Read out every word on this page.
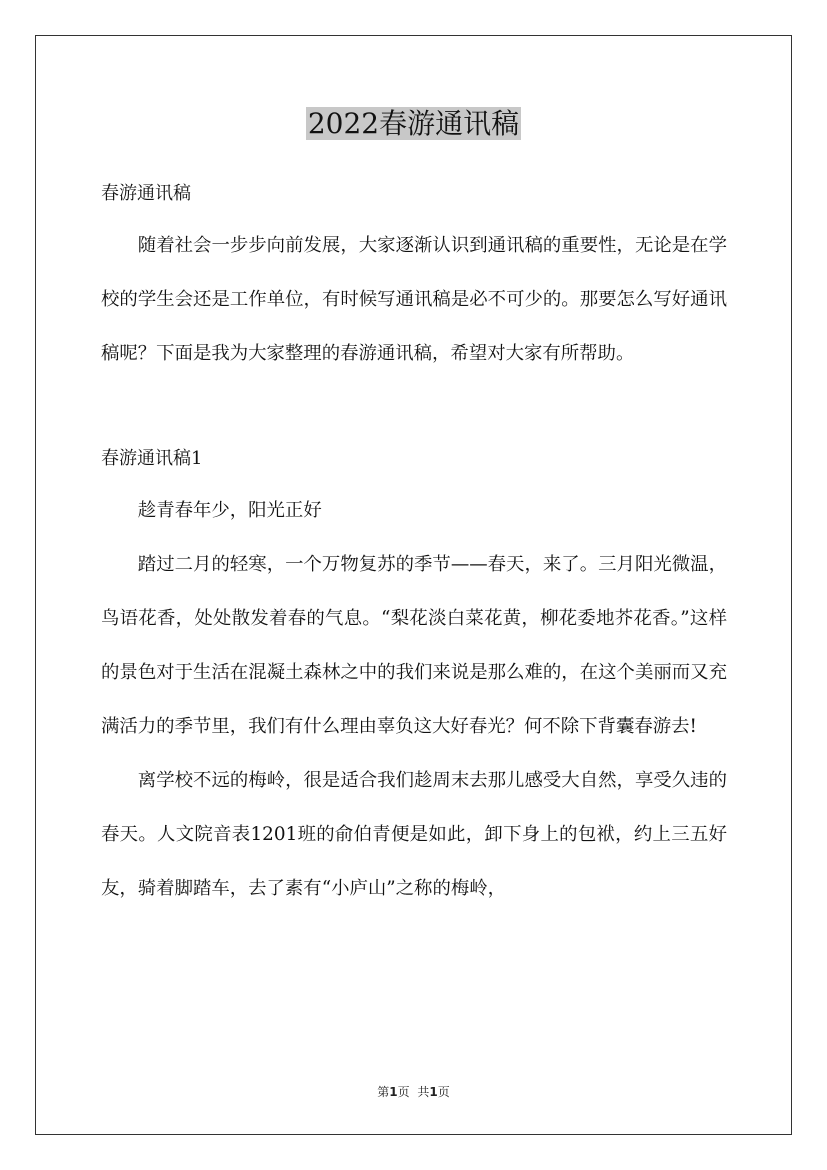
2022春游通讯稿

春游通讯稿

随着社会一步步向前发展，大家逐渐认识到通讯稿的重要性，无论是在学校的学生会还是工作单位，有时候写通讯稿是必不可少的。那要怎么写好通讯稿呢？下面是我为大家整理的春游通讯稿，希望对大家有所帮助。

春游通讯稿1

趁青春年少，阳光正好

踏过二月的轻寒，一个万物复苏的季节——春天，来了。三月阳光微温，鸟语花香，处处散发着春的气息。“梨花淡白菜花黄，柳花委地芥花香。”这样的景色对于生活在混凝土森林之中的我们来说是那么难的，在这个美丽而又充满活力的季节里，我们有什么理由辜负这大好春光？何不除下背囊春游去!

离学校不远的梅岭，很是适合我们趁周末去那儿感受大自然，享受久违的春天。人文院音表1201班的俞伯青便是如此，卸下身上的包袱，约上三五好友，骑着脚踏车，去了素有“小庐山”之称的梅岭，

第1页 共1页
